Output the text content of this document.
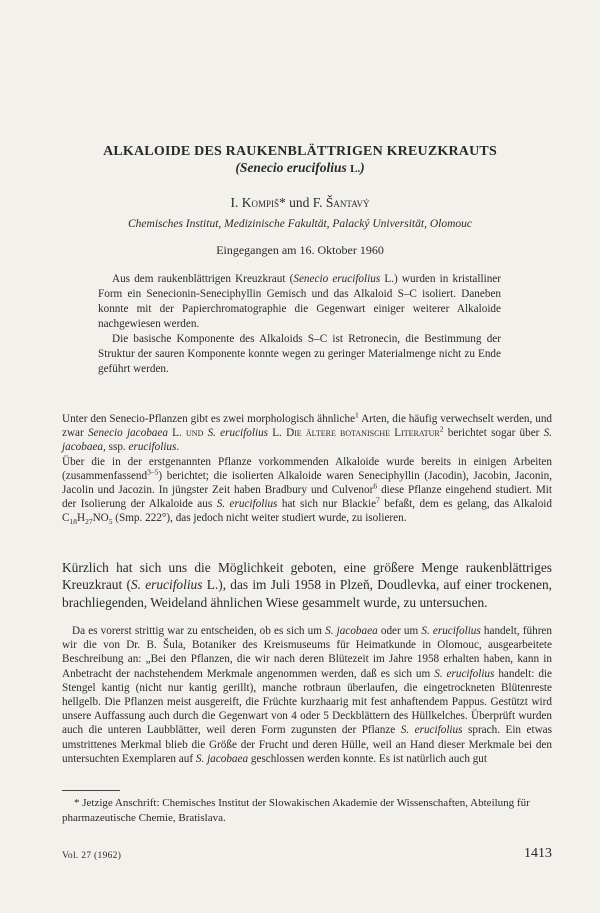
ALKALOIDE DES RAUKENBLÄTTRIGEN KREUZKRAUTS
(Senecio erucifolius L.)
I. Kompiš* und F. Šantavý
Chemisches Institut, Medizinische Fakultät, Palacký Universität, Olomouc
Eingegangen am 16. Oktober 1960

Aus dem raukenblättrigen Kreuzkraut (Senecio erucifolius L.) wurden in kristalliner Form ein Senecionin-Seneciphyllin Gemisch und das Alkaloid S–C isoliert. Daneben konnte mit der Papierchromatographie die Gegenwart einiger weiterer Alkaloide nachgewiesen werden.

Die basische Komponente des Alkaloids S–C ist Retronecin, die Bestimmung der Struktur der sauren Komponente konnte wegen zu geringer Materialmenge nicht zu Ende geführt werden.

Unter den Senecio-Pflanzen gibt es zwei morphologisch ähnliche$^1$ Arten, die häufig verwechselt werden, und zwar Senecio jacobaea L. und S. erucifolius L. Die ältere botanische Literatur$^2$ berichtet sogar über S. jacobaea, ssp. erucifolius.

Über die in der erstgenannten Pflanze vorkommenden Alkaloide wurde bereits in einigen Arbeiten (zusammenfassend$^{3-5}$) berichtet; die isolierten Alkaloide waren Seneciphyllin (Jacodin), Jacobin, Jaconin, Jacolin und Jacozin. In jüngster Zeit haben Bradbury und Culvenor$^6$ diese Pflanze eingehend studiert. Mit der Isolierung der Alkaloide aus S. erucifolius hat sich nur Blackie$^7$ befaßt, dem es gelang, das Alkaloid $C_{18}H_{27}NO_5$ (Smp. 222°), das jedoch nicht weiter studiert wurde, zu isolieren.

Kürzlich hat sich uns die Möglichkeit geboten, eine größere Menge raukenblättriges Kreuzkraut (S. erucifolius L.), das im Juli 1958 in Plzeň, Doudlevka, auf einer trockenen, brachliegenden, Weideland ähnlichen Wiese gesammelt wurde, zu untersuchen.

Da es vorerst strittig war zu entscheiden, ob es sich um S. jacobaea oder um S. erucifolius handelt, führen wir die von Dr. B. Šula, Botaniker des Kreismuseums für Heimatkunde in Olomouc, ausgearbeitete Beschreibung an: „Bei den Pflanzen, die wir nach deren Blütezeit im Jahre 1958 erhalten haben, kann in Anbetracht der nachstehendem Merkmale angenommen werden, daß es sich um S. erucifolius handelt: die Stengel kantig (nicht nur kantig gerillt), manche rotbraun überlaufen, die eingetrockneten Blütenreste hellgelb. Die Pflanzen meist ausgereift, die Früchte kurzhaarig mit fest anhaftendem Pappus. Gestützt wird unsere Auffassung auch durch die Gegenwart von 4 oder 5 Deckblättern des Hüllkelches. Überprüft wurden auch die unteren Laubblätter, weil deren Form zugunsten der Pflanze S. erucifolius sprach. Ein etwas umstrittenes Merkmal blieb die Größe der Frucht und deren Hülle, weil an Hand dieser Merkmale bei den untersuchten Exemplaren auf S. jacobaea geschlossen werden konnte. Es ist natürlich auch gut

* Jetzige Anschrift: Chemisches Institut der Slowakischen Akademie der Wissenschaften, Abteilung für pharmazeutische Chemie, Bratislava.

Vol. 27 (1962)	1413
